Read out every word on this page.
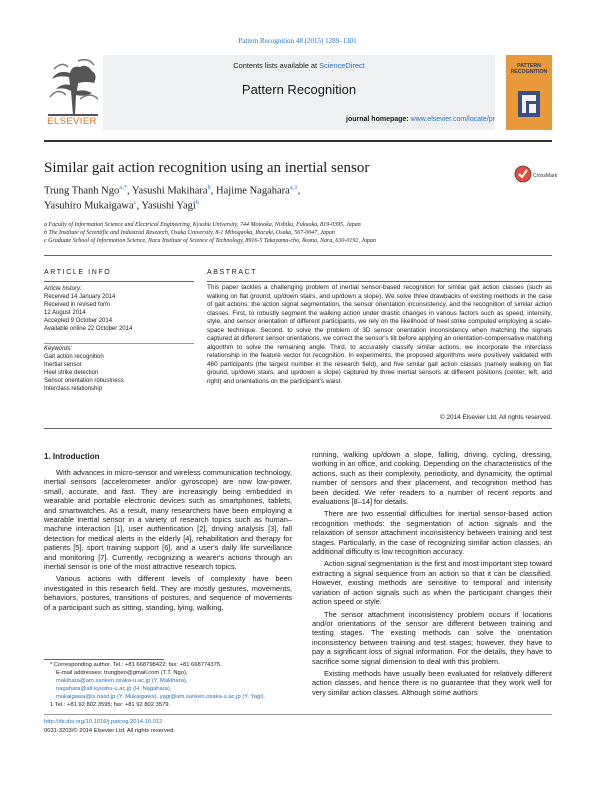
Pattern Recognition 48 (2015) 1289–1301
Contents lists available at ScienceDirect
Pattern Recognition
journal homepage: www.elsevier.com/locate/pr
ELSEVIER
PATTERN RECOGNITION
Similar gait action recognition using an inertial sensor	CrossMark
Trung Thanh Ngo$^{a,*}$, Yasushi Makihara$^b$, Hajime Nagahara$^{a,1}$,
Yasuhiro Mukaigawa$^c$, Yasushi Yagi$^b$
a Faculty of Information Science and Electrical Engineering, Kyushu University, 744 Motooka, Nishiku, Fukuoka, 819-0395, Japan
b The Institute of Scientific and Industrial Research, Osaka University, 8-1 Mihogaoka, Ibaraki, Osaka, 567-0047, Japan
c Graduate School of Information Science, Nara Institute of Science of Technology, 8916-5 Takayama-cho, Ikoma, Nara, 630-0192, Japan
ARTICLE INFO	ABSTRACT
Article history:
Received 14 January 2014
Received in revised form
12 August 2014
Accepted 9 October 2014
Available online 22 October 2014
Keywords:
Gait action recognition
Inertial sensor
Heel strike detection
Sensor orientation robustness
Interclass relationship
This paper tackles a challenging problem of inertial sensor-based recognition for similar gait action classes (such as walking on flat ground, up/down stairs, and up/down a slope). We solve three drawbacks of existing methods in the case of gait actions: the action signal segmentation, the sensor orientation inconsistency, and the recognition of similar action classes. First, to robustly segment the walking action under drastic changes in various factors such as speed, intensity, style, and sensor orientation of different participants, we rely on the likelihood of heel strike computed employing a scale-space technique. Second, to solve the problem of 3D sensor orientation inconsistency when matching the signals captured at different sensor orientations, we correct the sensor's tilt before applying an orientation-compensative matching algorithm to solve the remaining angle. Third, to accurately classify similar actions, we incorporate the interclass relationship in the feature vector for recognition. In experiments, the proposed algorithms were positively validated with 460 participants (the largest number in the research field), and five similar gait action classes (namely walking on flat ground, up/down stairs, and up/down a slope) captured by three inertial sensors at different positions (center, left, and right) and orientations on the participant's waist.
© 2014 Elsevier Ltd. All rights reserved.
1. Introduction

With advances in micro-sensor and wireless communication technology, inertial sensors (accelerometer and/or gyroscope) are now low-power, small, accurate, and fast. They are increasingly being embedded in wearable and portable electronic devices such as smartphones, tablets, and smartwatches. As a result, many researchers have been employing a wearable inertial sensor in a variety of research topics such as human–machine interaction [1], user authentication [2], driving analysis [3], fall detection for medical alerts in the elderly [4], rehabilitation and therapy for patients [5], sport training support [6], and a user's daily life surveillance and monitoring [7]. Currently, recognizing a wearer's actions through an inertial sensor is one of the most attractive research topics.

Various actions with different levels of complexity have been investigated in this research field. They are mostly gestures, movements, behaviors, postures, transitions of postures, and sequence of movements of a participant such as sitting, standing, lying, walking,

running, walking up/down a slope, falling, driving, cycling, dressing, working in an office, and cooking. Depending on the characteristics of the actions, such as their complexity, periodicity, and dynamicity, the optimal number of sensors and their placement, and recognition method has been decided. We refer readers to a number of recent reports and evaluations [8–14] for details.

There are two essential difficulties for inertial sensor-based action recognition methods: the segmentation of action signals and the relaxation of sensor attachment inconsistency between training and test stages. Particularly, in the case of recognizing similar action classes, an additional difficulty is low recognition accuracy.

Action signal segmentation is the first and most important step toward extracting a signal sequence from an action so that it can be classified. However, existing methods are sensitive to temporal and intensity variation of action signals such as when the participant changes their action speed or style.

The sensor attachment inconsistency problem occurs if locations and/or orientations of the sensor are different between training and testing stages. The existing methods can solve the orientation inconsistency between training and test stages; however, they have to pay a significant loss of signal information. For the details, they have to sacrifice some signal dimension to deal with this problem.

Existing methods have usually been evaluated for relatively different action classes, and hence there is no guarantee that they work well for very similar action classes. Although some authors

* Corresponding author. Tel.: +81 668798422; fax: +81 668774375.
E-mail addresses: trungbeo@gmail.com (T.T. Ngo),
makihara@am.sanken.osaka-u.ac.jp (Y. Makihara),
nagahara@ait.kyushu-u.ac.jp (H. Nagahara),
mukaigawa@is.naist.jp (Y. Mukaigawa), yagi@am.sanken.osaka-u.ac.jp (Y. Yagi).
1 Tel.: +81 92 802 3595; fax: +81 92 802 3579.
http://dx.doi.org/10.1016/j.patcog.2014.10.012
0031-3203/© 2014 Elsevier Ltd. All rights reserved.
